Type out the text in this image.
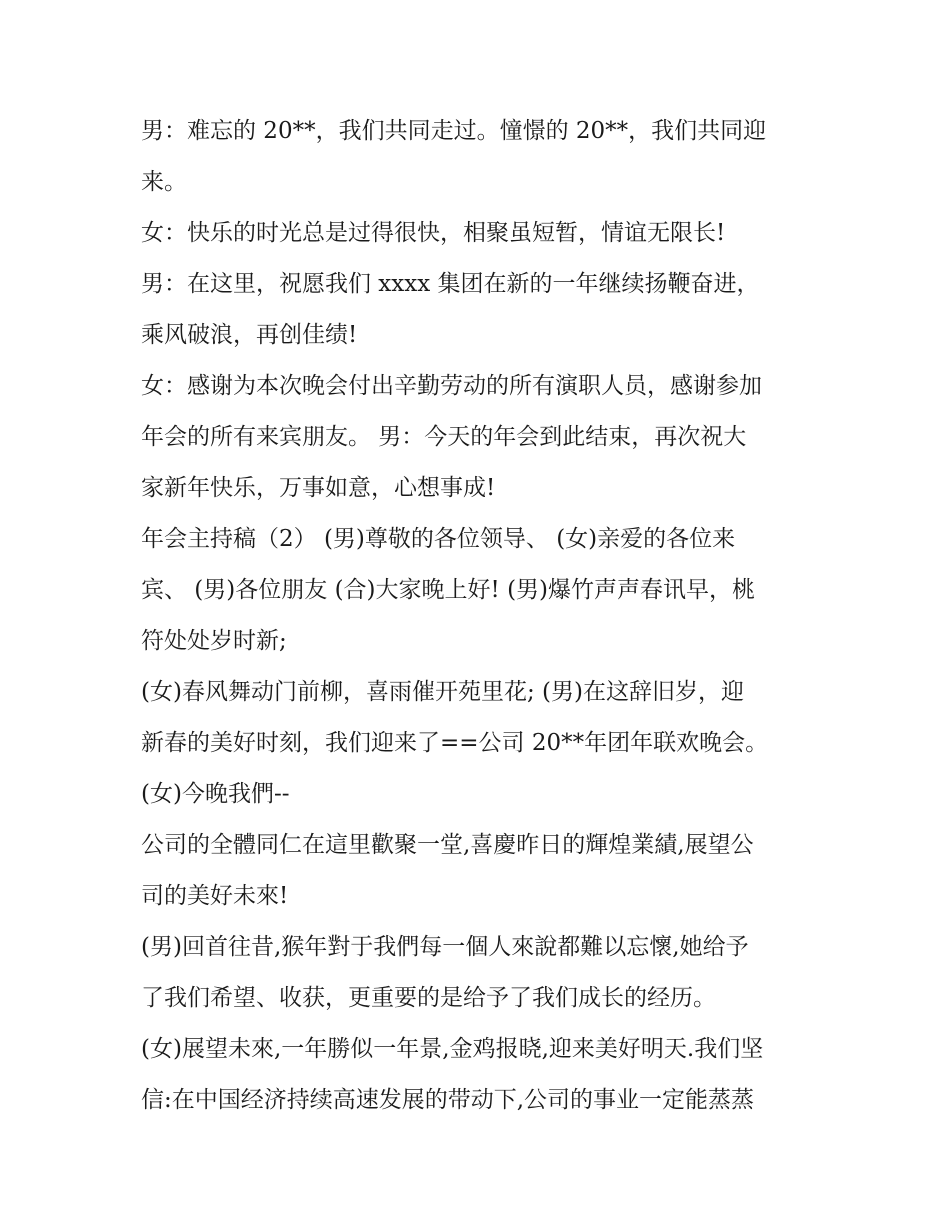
男：难忘的 20**，我们共同走过。憧憬的 20**，我们共同迎
来。
女：快乐的时光总是过得很快，相聚虽短暂，情谊无限长!
男：在这里，祝愿我们 xxxx 集团在新的一年继续扬鞭奋进，
乘风破浪，再创佳绩!
女：感谢为本次晚会付出辛勤劳动的所有演职人员，感谢参加
年会的所有来宾朋友。 男：今天的年会到此结束，再次祝大
家新年快乐，万事如意，心想事成!
年会主持稿（2） (男)尊敬的各位领导、 (女)亲爱的各位来
宾、 (男)各位朋友 (合)大家晚上好! (男)爆竹声声春讯早，桃
符处处岁时新;
(女)春风舞动门前柳，喜雨催开苑里花; (男)在这辞旧岁，迎
新春的美好时刻，我们迎来了==公司 20**年团年联欢晚会。
(女)今晚我們--
公司的全體同仁在這里歡聚一堂,喜慶昨日的輝煌業績,展望公
司的美好未來!
(男)回首往昔,猴年對于我們每一個人來說都難以忘懷,她给予
了我们希望、收获，更重要的是给予了我们成长的经历。
(女)展望未來,一年勝似一年景,金鸡报晓,迎来美好明天.我们坚
信:在中国经济持续高速发展的带动下,公司的事业一定能蒸蒸
